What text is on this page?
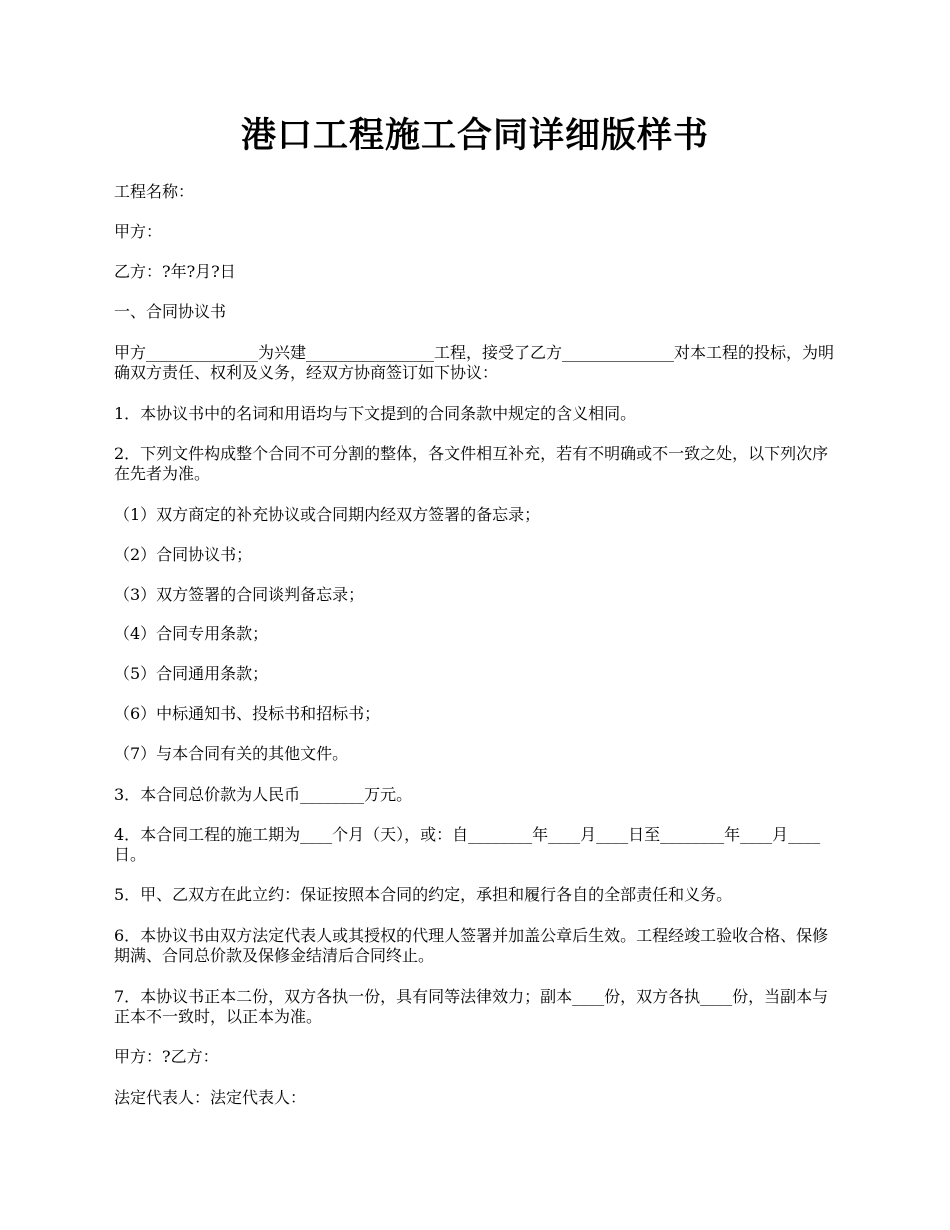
港口工程施工合同详细版样书

工程名称：

甲方：

乙方：?年?月?日

一、合同协议书

甲方______________为兴建________________工程，接受了乙方______________对本工程的投标，为明确双方责任、权利及义务，经双方协商签订如下协议：

1．本协议书中的名词和用语均与下文提到的合同条款中规定的含义相同。

2．下列文件构成整个合同不可分割的整体，各文件相互补充，若有不明确或不一致之处，以下列次序在先者为准。

（1）双方商定的补充协议或合同期内经双方签署的备忘录；

（2）合同协议书；

（3）双方签署的合同谈判备忘录；

（4）合同专用条款；

（5）合同通用条款；

（6）中标通知书、投标书和招标书；

（7）与本合同有关的其他文件。

3．本合同总价款为人民币________万元。

4．本合同工程的施工期为____个月（天），或：自________年____月____日至________年____月____日。

5．甲、乙双方在此立约：保证按照本合同的约定，承担和履行各自的全部责任和义务。

6．本协议书由双方法定代表人或其授权的代理人签署并加盖公章后生效。工程经竣工验收合格、保修期满、合同总价款及保修金结清后合同终止。

7．本协议书正本二份，双方各执一份，具有同等法律效力；副本____份，双方各执____份，当副本与正本不一致时，以正本为准。

甲方：?乙方：

法定代表人：法定代表人：
